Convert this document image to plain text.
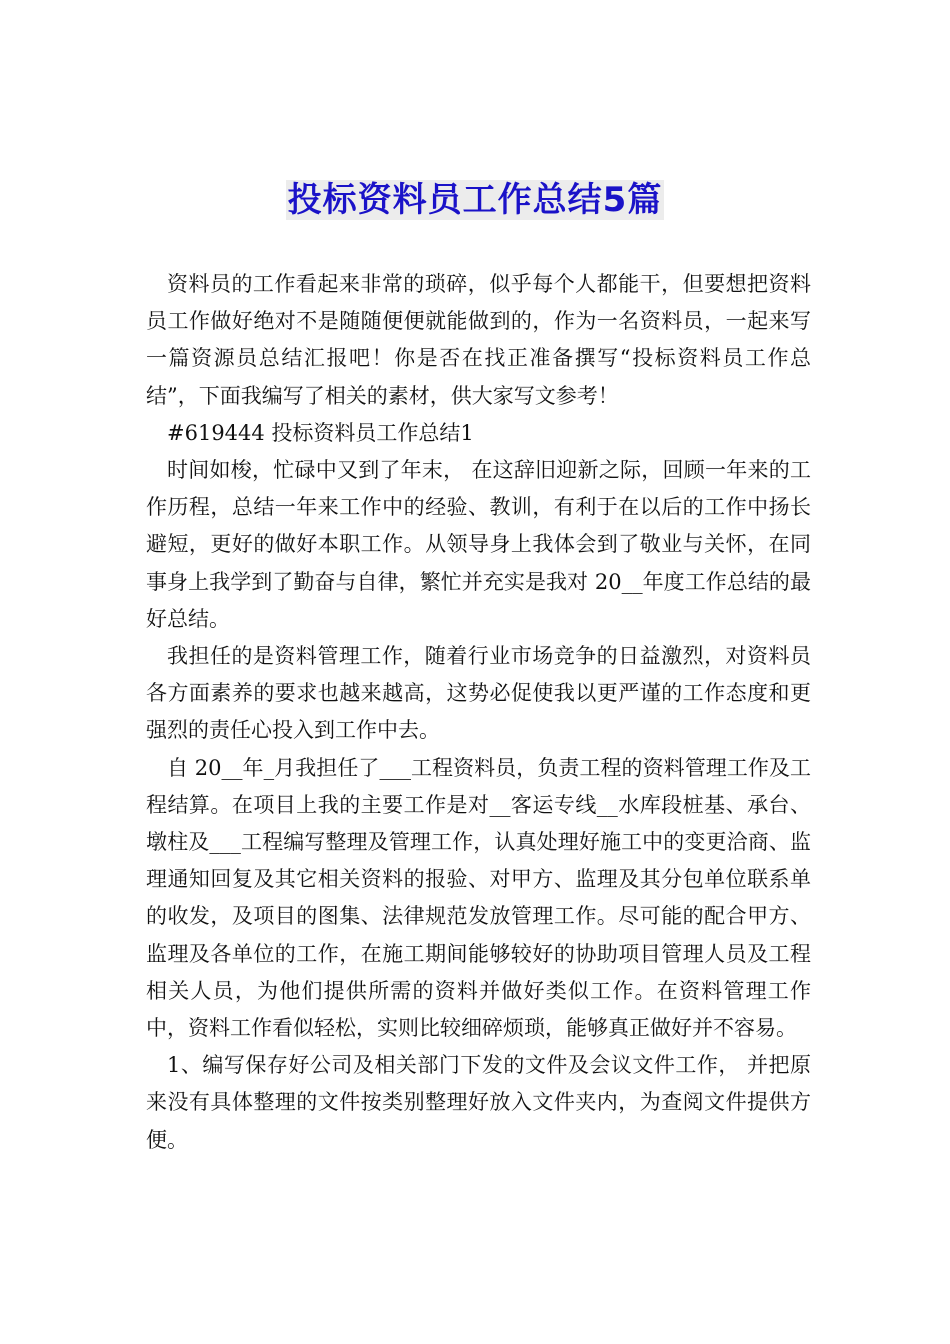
投标资料员工作总结5篇

资料员的工作看起来非常的琐碎，似乎每个人都能干，但要想把资料员工作做好绝对不是随随便便就能做到的，作为一名资料员，一起来写一篇资源员总结汇报吧！你是否在找正准备撰写“投标资料员工作总结”，下面我编写了相关的素材，供大家写文参考！

#619444 投标资料员工作总结1

时间如梭，忙碌中又到了年末， 在这辞旧迎新之际，回顾一年来的工作历程，总结一年来工作中的经验、教训，有利于在以后的工作中扬长避短，更好的做好本职工作。从领导身上我体会到了敬业与关怀，在同事身上我学到了勤奋与自律，繁忙并充实是我对 20__年度工作总结的最好总结。

我担任的是资料管理工作，随着行业市场竞争的日益激烈，对资料员各方面素养的要求也越来越高，这势必促使我以更严谨的工作态度和更强烈的责任心投入到工作中去。

自 20__年_月我担任了___工程资料员，负责工程的资料管理工作及工程结算。在项目上我的主要工作是对__客运专线__水库段桩基、承台、墩柱及___工程编写整理及管理工作，认真处理好施工中的变更洽商、监理通知回复及其它相关资料的报验、对甲方、监理及其分包单位联系单的收发，及项目的图集、法律规范发放管理工作。尽可能的配合甲方、监理及各单位的工作，在施工期间能够较好的协助项目管理人员及工程相关人员，为他们提供所需的资料并做好类似工作。在资料管理工作中，资料工作看似轻松，实则比较细碎烦琐，能够真正做好并不容易。

1、编写保存好公司及相关部门下发的文件及会议文件工作， 并把原来没有具体整理的文件按类别整理好放入文件夹内，为查阅文件提供方便。
